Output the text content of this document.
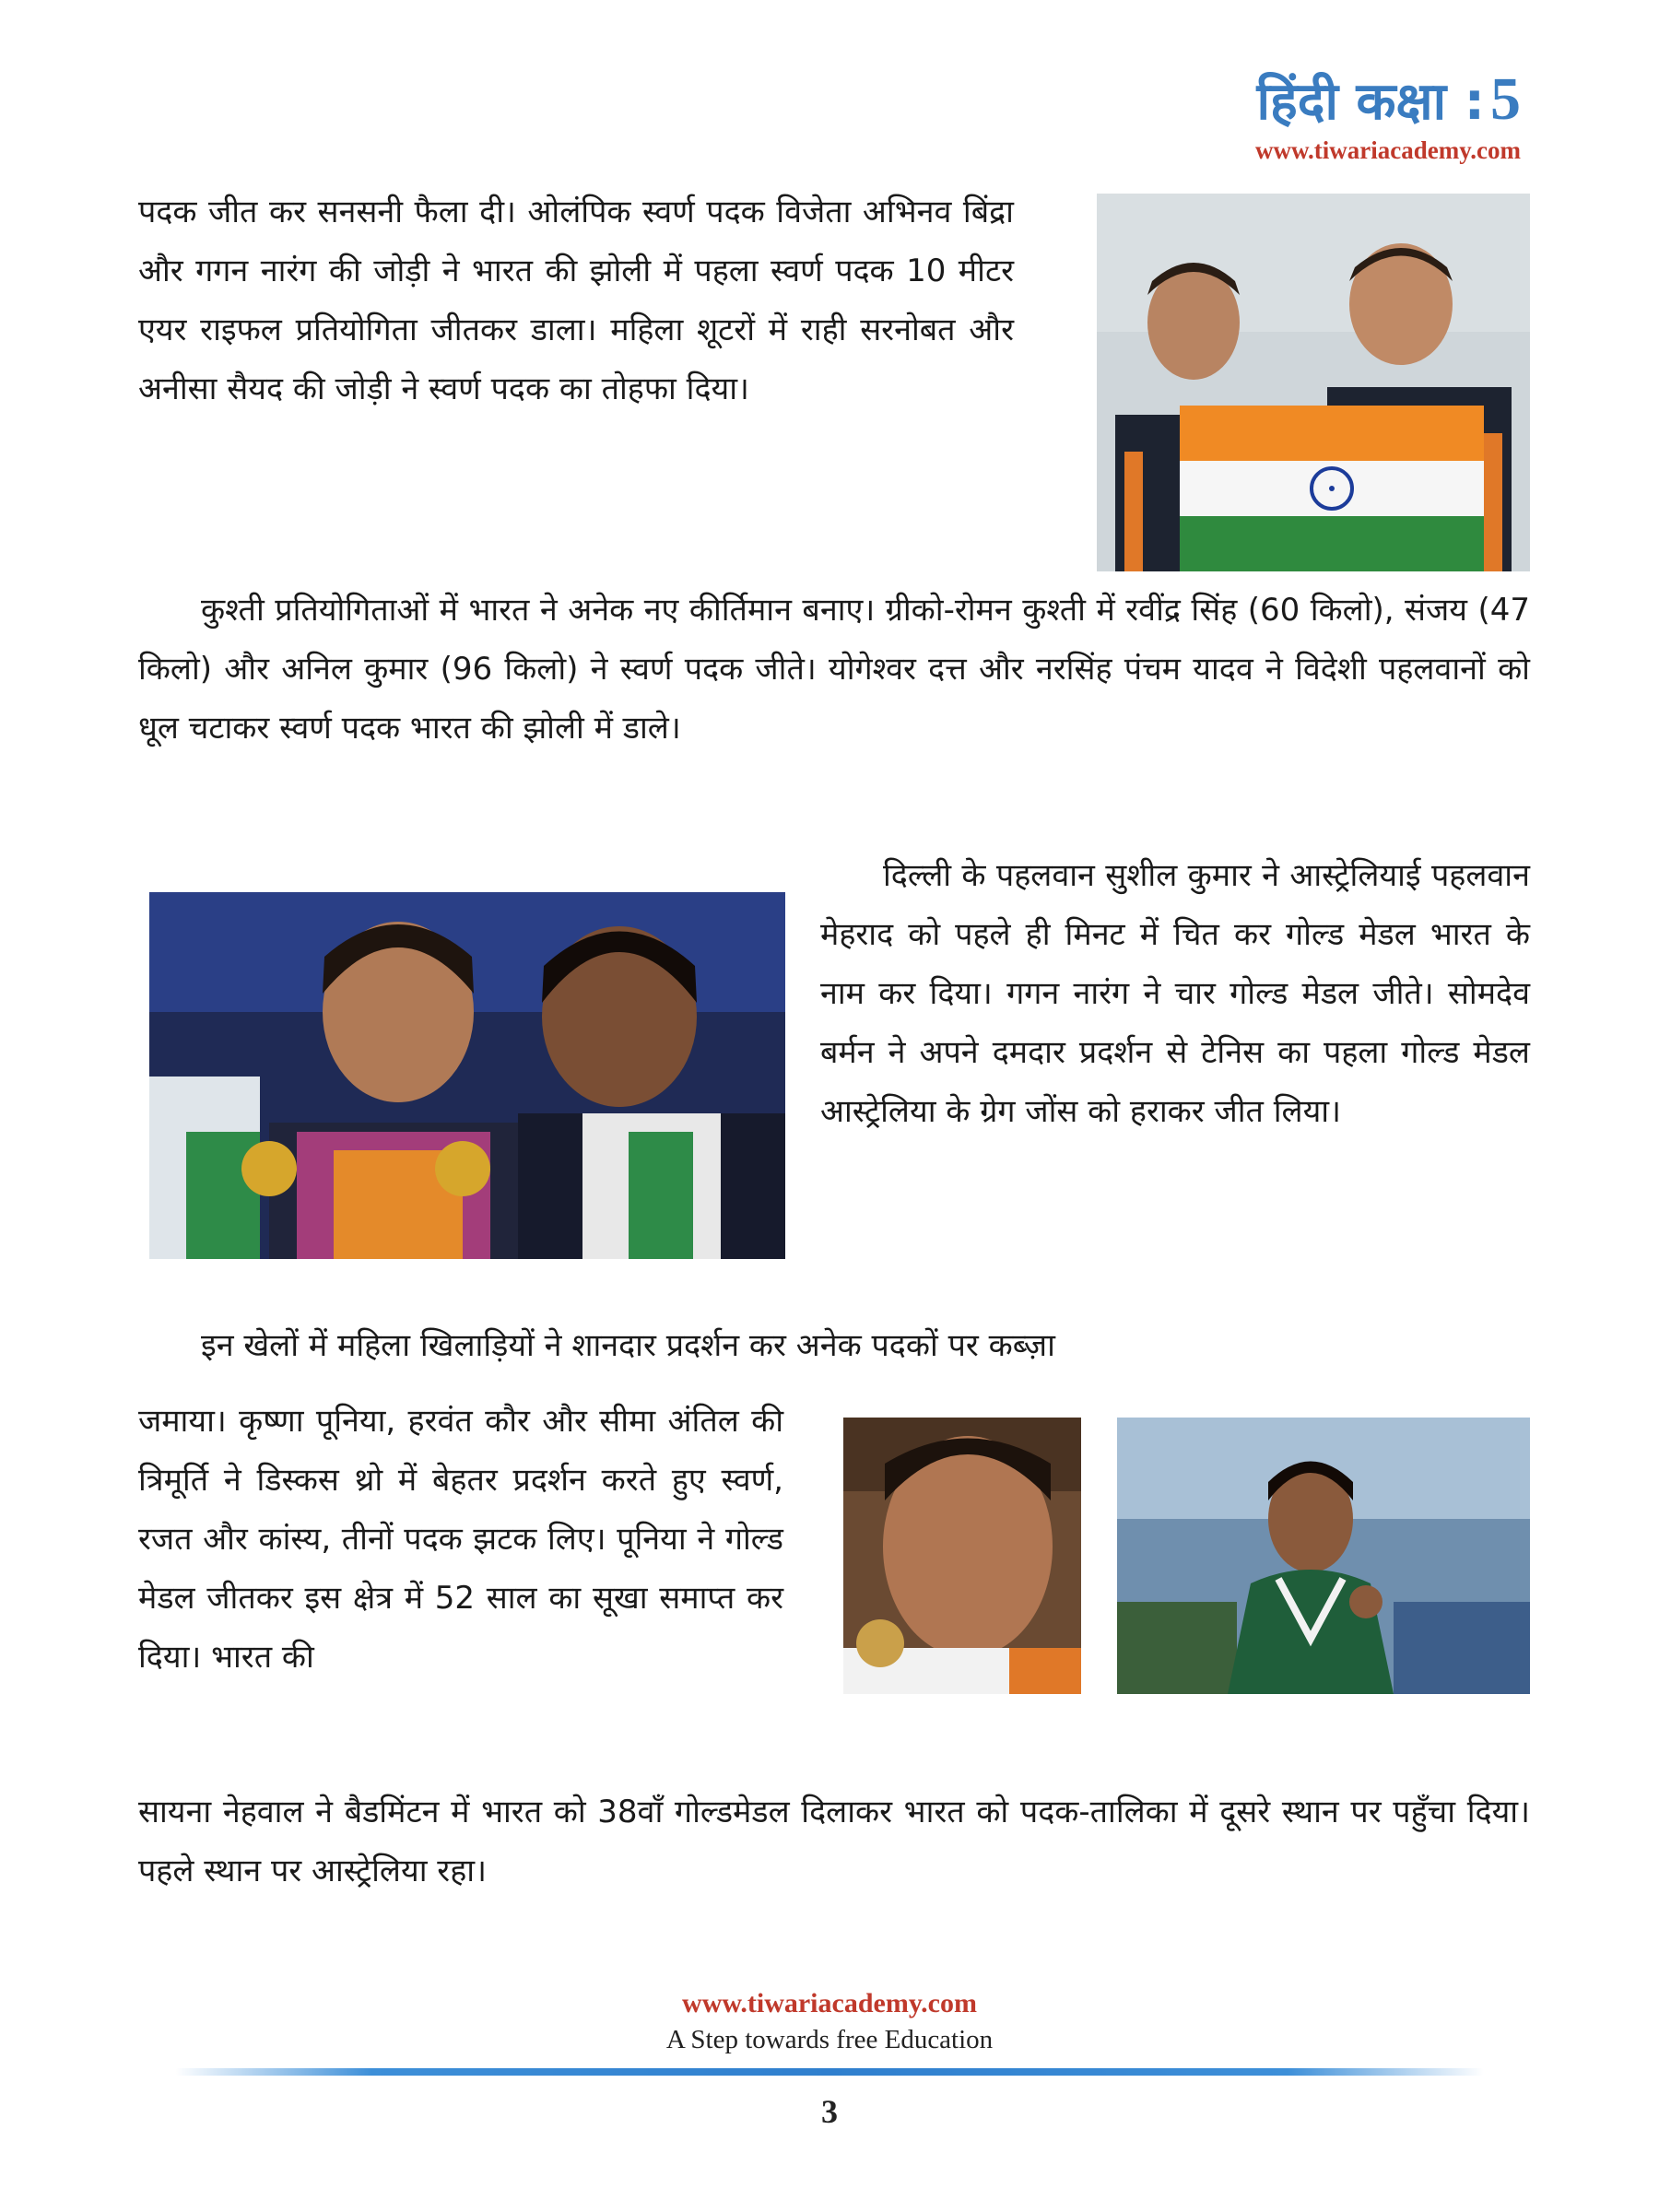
हिंदी कक्षा :5
www.tiwariacademy.com
पदक जीत कर सनसनी फैला दी। ओलंपिक स्वर्ण पदक विजेता अभिनव बिंद्रा और गगन नारंग की जोड़ी ने भारत की झोली में पहला स्वर्ण पदक 10 मीटर एयर राइफल प्रतियोगिता जीतकर डाला। महिला शूटरों में राही सरनोबत और अनीसा सैयद की जोड़ी ने स्वर्ण पदक का तोहफा दिया।
कुश्ती प्रतियोगिताओं में भारत ने अनेक नए कीर्तिमान बनाए। ग्रीको-रोमन कुश्ती में रवींद्र सिंह (60 किलो), संजय (47 किलो) और अनिल कुमार (96 किलो) ने स्वर्ण पदक जीते। योगेश्वर दत्त और नरसिंह पंचम यादव ने विदेशी पहलवानों को धूल चटाकर स्वर्ण पदक भारत की झोली में डाले।
दिल्ली के पहलवान सुशील कुमार ने आस्ट्रेलियाई पहलवान मेहराद को पहले ही मिनट में चित कर गोल्ड मेडल भारत के नाम कर दिया। गगन नारंग ने चार गोल्ड मेडल जीते। सोमदेव बर्मन ने अपने दमदार प्रदर्शन से टेनिस का पहला गोल्ड मेडल आस्ट्रेलिया के ग्रेग जोंस को हराकर जीत लिया।
इन खेलों में महिला खिलाड़ियों ने शानदार प्रदर्शन कर अनेक पदकों पर कब्ज़ा
जमाया। कृष्णा पूनिया, हरवंत कौर और सीमा अंतिल की त्रिमूर्ति ने डिस्कस थ्रो में बेहतर प्रदर्शन करते हुए स्वर्ण, रजत और कांस्य, तीनों पदक झटक लिए। पूनिया ने गोल्ड मेडल जीतकर इस क्षेत्र में 52 साल का सूखा समाप्त कर दिया। भारत की
सायना नेहवाल ने बैडमिंटन में भारत को 38वाँ गोल्डमेडल दिलाकर भारत को पदक-तालिका में दूसरे स्थान पर पहुँचा दिया। पहले स्थान पर आस्ट्रेलिया रहा।
www.tiwariacademy.com
A Step towards free Education
3
